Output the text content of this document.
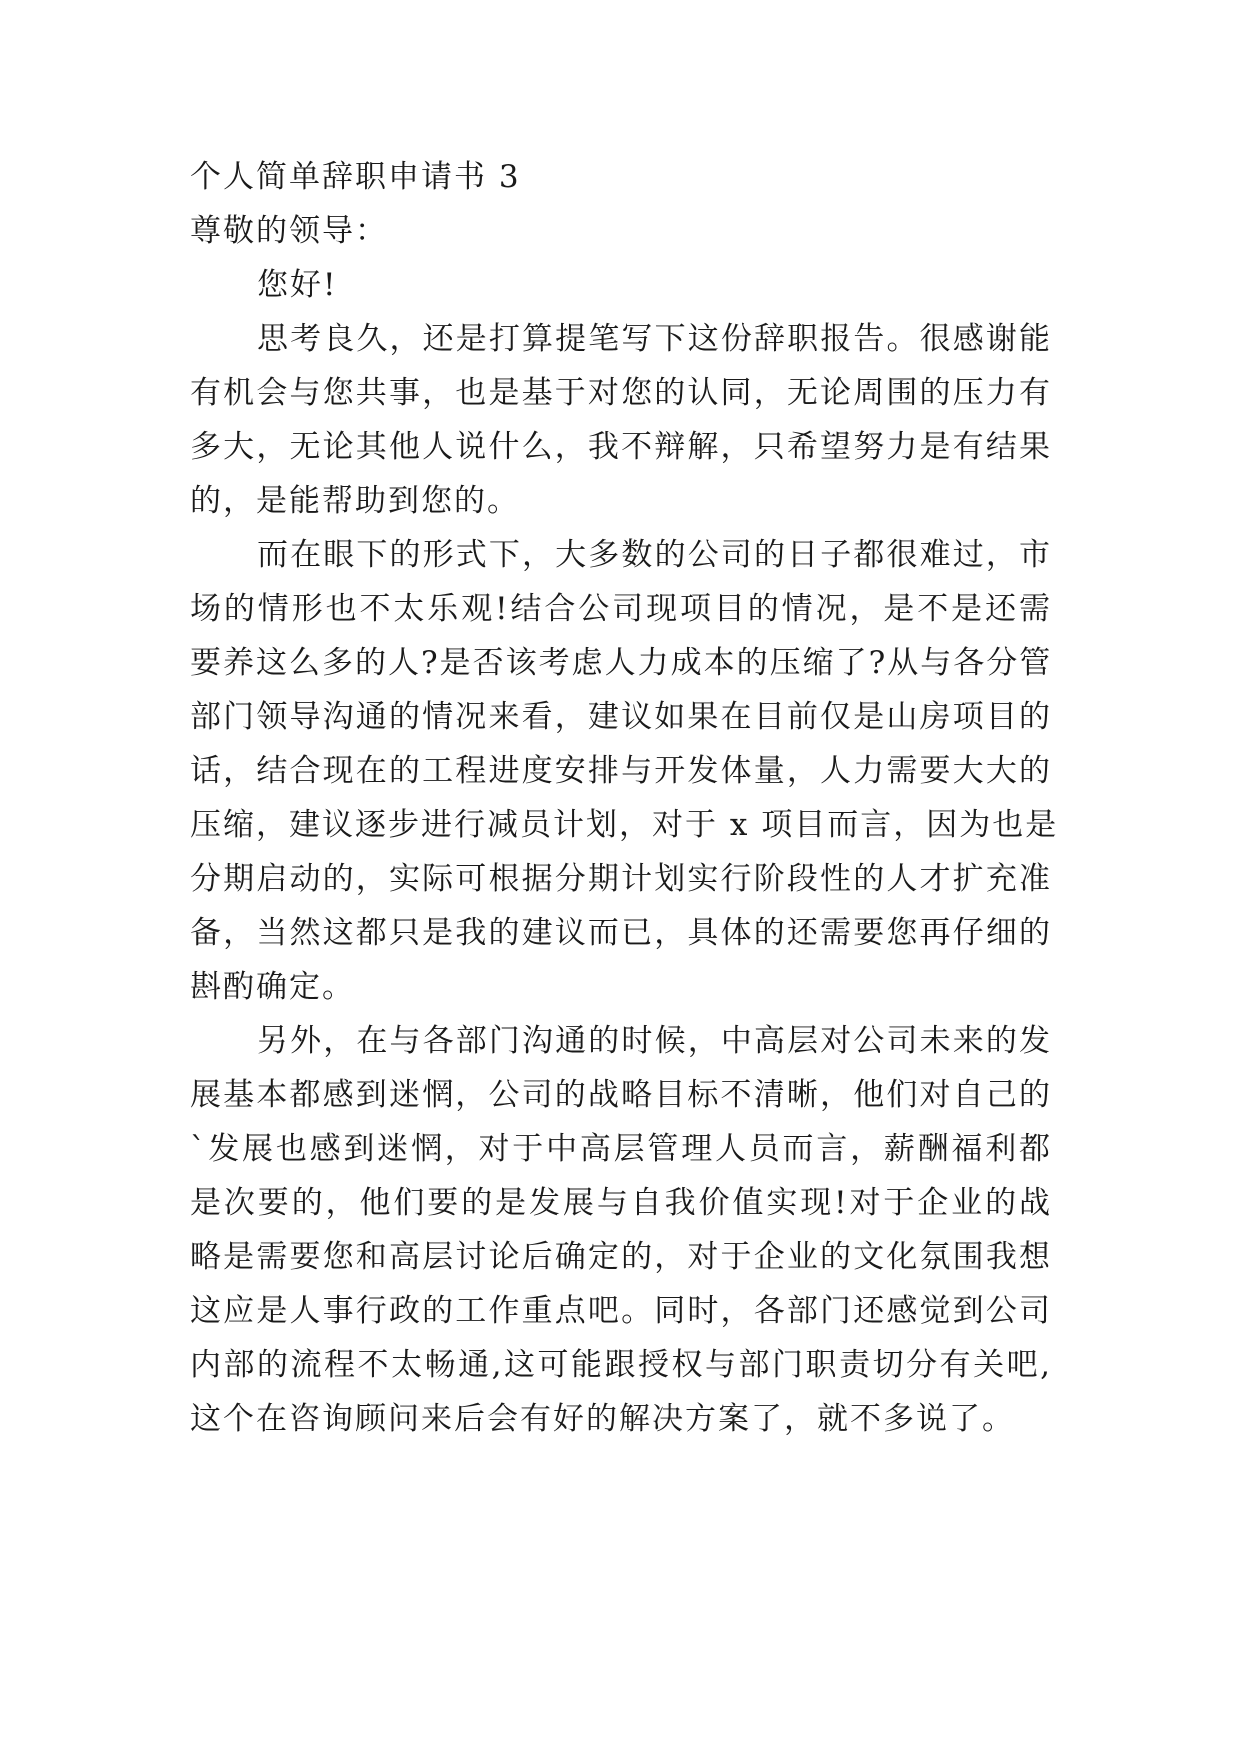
个人简单辞职申请书 3
尊敬的领导：
您好!
思考良久，还是打算提笔写下这份辞职报告。很感谢能
有机会与您共事，也是基于对您的认同，无论周围的压力有
多大，无论其他人说什么，我不辩解，只希望努力是有结果
的，是能帮助到您的。
而在眼下的形式下，大多数的公司的日子都很难过，市
场的情形也不太乐观!结合公司现项目的情况，是不是还需
要养这么多的人?是否该考虑人力成本的压缩了?从与各分管
部门领导沟通的情况来看，建议如果在目前仅是山房项目的
话，结合现在的工程进度安排与开发体量，人力需要大大的
压缩，建议逐步进行减员计划，对于 x 项目而言，因为也是
分期启动的，实际可根据分期计划实行阶段性的人才扩充准
备，当然这都只是我的建议而已，具体的还需要您再仔细的
斟酌确定。
另外，在与各部门沟通的时候，中高层对公司未来的发
展基本都感到迷惘，公司的战略目标不清晰，他们对自己的
`发展也感到迷惘，对于中高层管理人员而言，薪酬福利都
是次要的，他们要的是发展与自我价值实现!对于企业的战
略是需要您和高层讨论后确定的，对于企业的文化氛围我想
这应是人事行政的工作重点吧。同时，各部门还感觉到公司
内部的流程不太畅通,这可能跟授权与部门职责切分有关吧,
这个在咨询顾问来后会有好的解决方案了，就不多说了。
